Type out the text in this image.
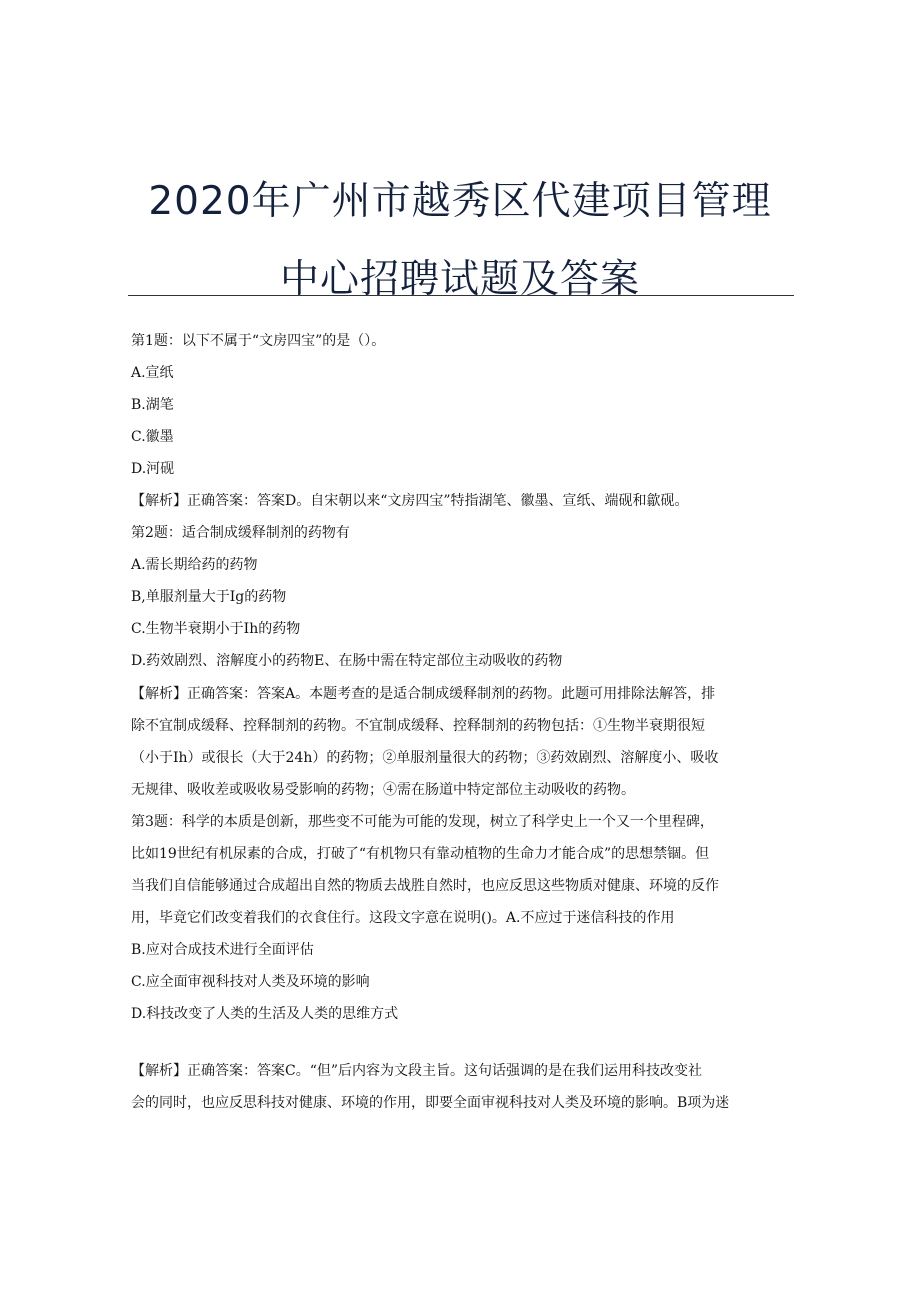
2020年广州市越秀区代建项目管理
中心招聘试题及答案
第1题：以下不属于“文房四宝”的是（）。
A.宣纸
B.湖笔
C.徽墨
D.河砚
【解析】正确答案：答案D。自宋朝以来“文房四宝”特指湖笔、徽墨、宣纸、端砚和歙砚。
第2题：适合制成缓释制剂的药物有
A.需长期给药的药物
B,单服剂量大于Ig的药物
C.生物半衰期小于Ih的药物
D.药效剧烈、溶解度小的药物E、在肠中需在特定部位主动吸收的药物
【解析】正确答案：答案A。本题考查的是适合制成缓释制剂的药物。此题可用排除法解答，排
除不宜制成缓释、控释制剂的药物。不宜制成缓释、控释制剂的药物包括：①生物半衰期很短
（小于Ih）或很长（大于24h）的药物；②单服剂量很大的药物；③药效剧烈、溶解度小、吸收
无规律、吸收差或吸收易受影响的药物；④需在肠道中特定部位主动吸收的药物。
第3题：科学的本质是创新，那些变不可能为可能的发现，树立了科学史上一个又一个里程碑，
比如19世纪有机尿素的合成，打破了“有机物只有靠动植物的生命力才能合成”的思想禁锢。但
当我们自信能够通过合成超出自然的物质去战胜自然时，也应反思这些物质对健康、环境的反作
用，毕竟它们改变着我们的衣食住行。这段文字意在说明()。A.不应过于迷信科技的作用
B.应对合成技术进行全面评估
C.应全面审视科技对人类及环境的影响
D.科技改变了人类的生活及人类的思维方式
【解析】正确答案：答案C。“但”后内容为文段主旨。这句话强调的是在我们运用科技改变社
会的同时，也应反思科技对健康、环境的作用，即要全面审视科技对人类及环境的影响。B项为迷
